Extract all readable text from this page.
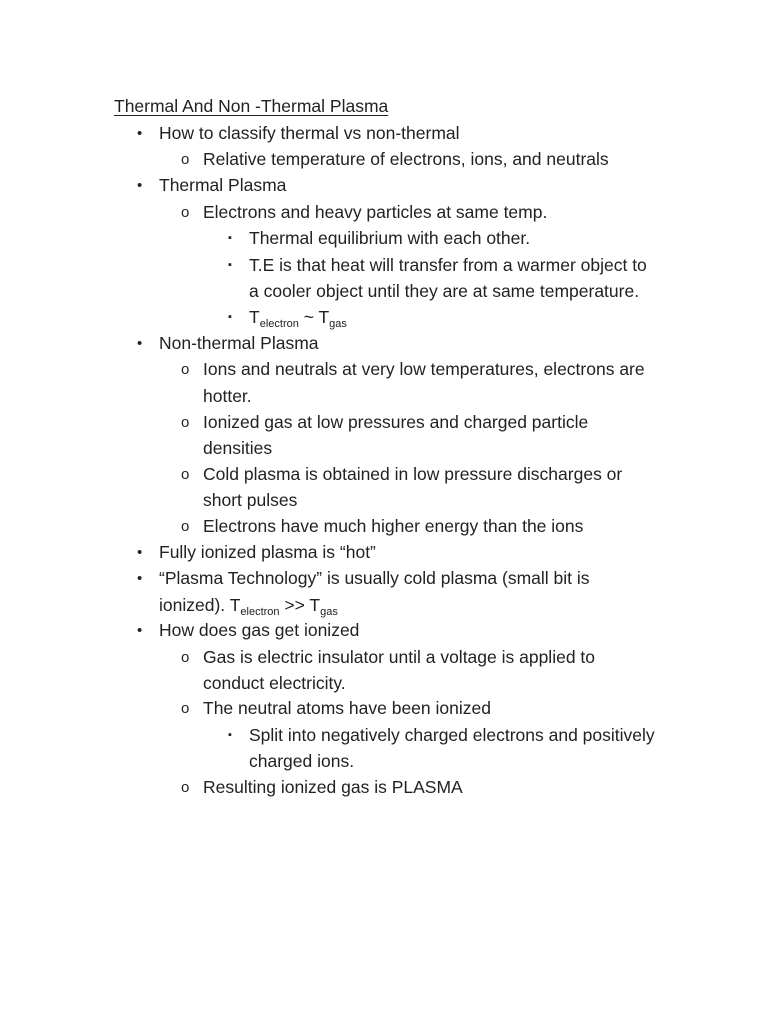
Thermal And Non -Thermal Plasma
• How to classify thermal vs non-thermal
o Relative temperature of electrons, ions, and neutrals
• Thermal Plasma
o Electrons and heavy particles at same temp.
▪ Thermal equilibrium with each other.
▪ T.E is that heat will transfer from a warmer object to
a cooler object until they are at same temperature.
▪ $T_{electron}$ ~ $T_{gas}$
• Non-thermal Plasma
o Ions and neutrals at very low temperatures, electrons are
hotter.
o Ionized gas at low pressures and charged particle
densities
o Cold plasma is obtained in low pressure discharges or
short pulses
o Electrons have much higher energy than the ions
• Fully ionized plasma is “hot”
• “Plasma Technology” is usually cold plasma (small bit is
ionized). $T_{electron} >> T_{gas}$
• How does gas get ionized
o Gas is electric insulator until a voltage is applied to
conduct electricity.
o The neutral atoms have been ionized
▪ Split into negatively charged electrons and positively
charged ions.
o Resulting ionized gas is PLASMA
